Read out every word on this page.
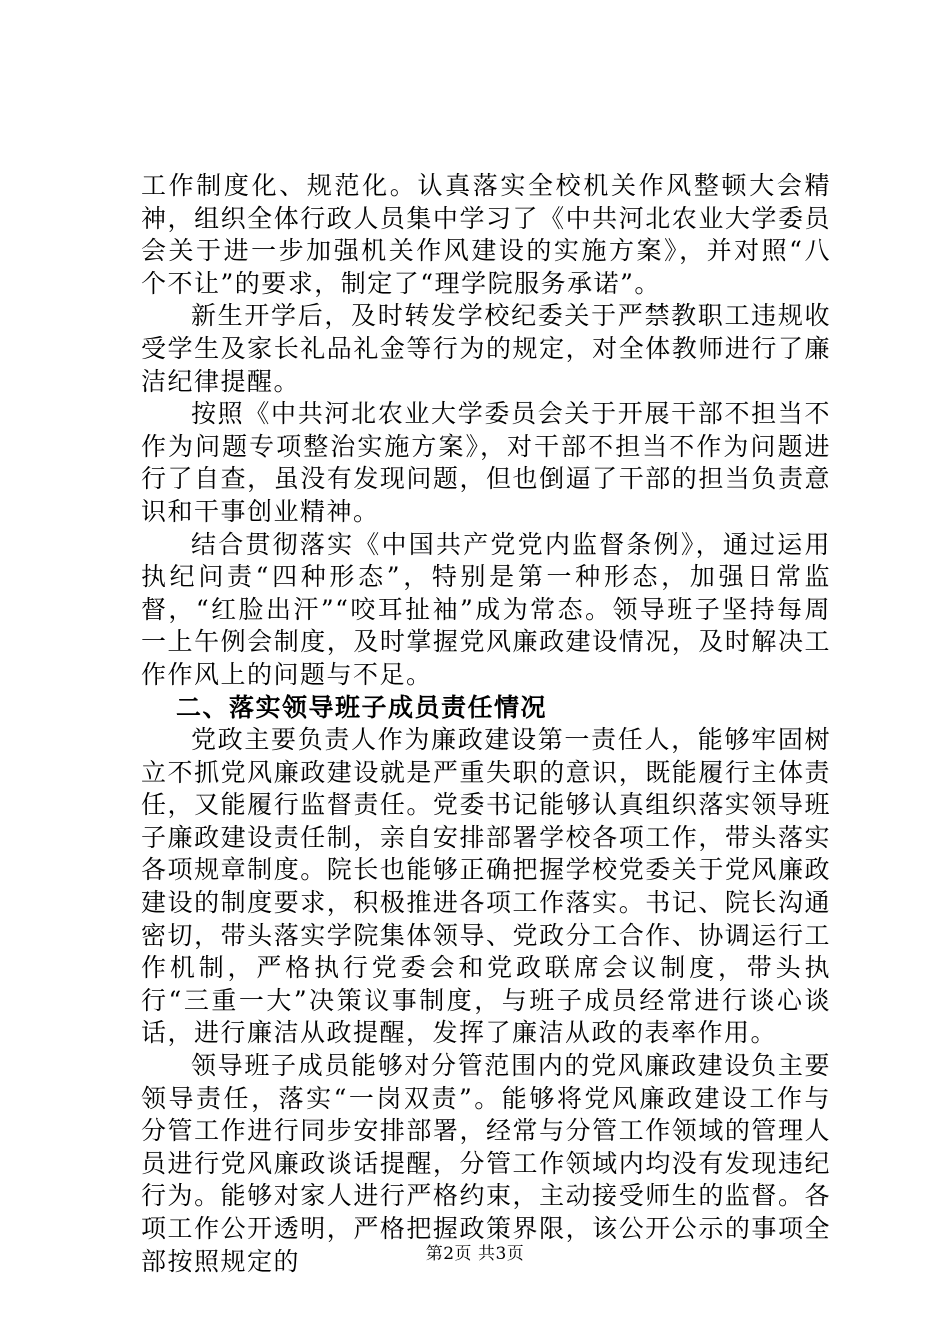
工作制度化、规范化。认真落实全校机关作风整顿大会精神，组织全体行政人员集中学习了《中共河北农业大学委员会关于进一步加强机关作风建设的实施方案》，并对照“八个不让”的要求，制定了“理学院服务承诺”。

新生开学后，及时转发学校纪委关于严禁教职工违规收受学生及家长礼品礼金等行为的规定，对全体教师进行了廉洁纪律提醒。

按照《中共河北农业大学委员会关于开展干部不担当不作为问题专项整治实施方案》，对干部不担当不作为问题进行了自查，虽没有发现问题，但也倒逼了干部的担当负责意识和干事创业精神。

结合贯彻落实《中国共产党党内监督条例》，通过运用执纪问责“四种形态”，特别是第一种形态，加强日常监督，“红脸出汗”“咬耳扯袖”成为常态。领导班子坚持每周一上午例会制度，及时掌握党风廉政建设情况，及时解决工作作风上的问题与不足。

二、落实领导班子成员责任情况

党政主要负责人作为廉政建设第一责任人，能够牢固树立不抓党风廉政建设就是严重失职的意识，既能履行主体责任，又能履行监督责任。党委书记能够认真组织落实领导班子廉政建设责任制，亲自安排部署学校各项工作，带头落实各项规章制度。院长也能够正确把握学校党委关于党风廉政建设的制度要求，积极推进各项工作落实。书记、院长沟通密切，带头落实学院集体领导、党政分工合作、协调运行工作机制，严格执行党委会和党政联席会议制度，带头执行“三重一大”决策议事制度，与班子成员经常进行谈心谈话，进行廉洁从政提醒，发挥了廉洁从政的表率作用。

领导班子成员能够对分管范围内的党风廉政建设负主要领导责任，落实“一岗双责”。能够将党风廉政建设工作与分管工作进行同步安排部署，经常与分管工作领域的管理人员进行党风廉政谈话提醒，分管工作领域内均没有发现违纪行为。能够对家人进行严格约束，主动接受师生的监督。各项工作公开透明，严格把握政策界限，该公开公示的事项全部按照规定的	第2页 共3页
